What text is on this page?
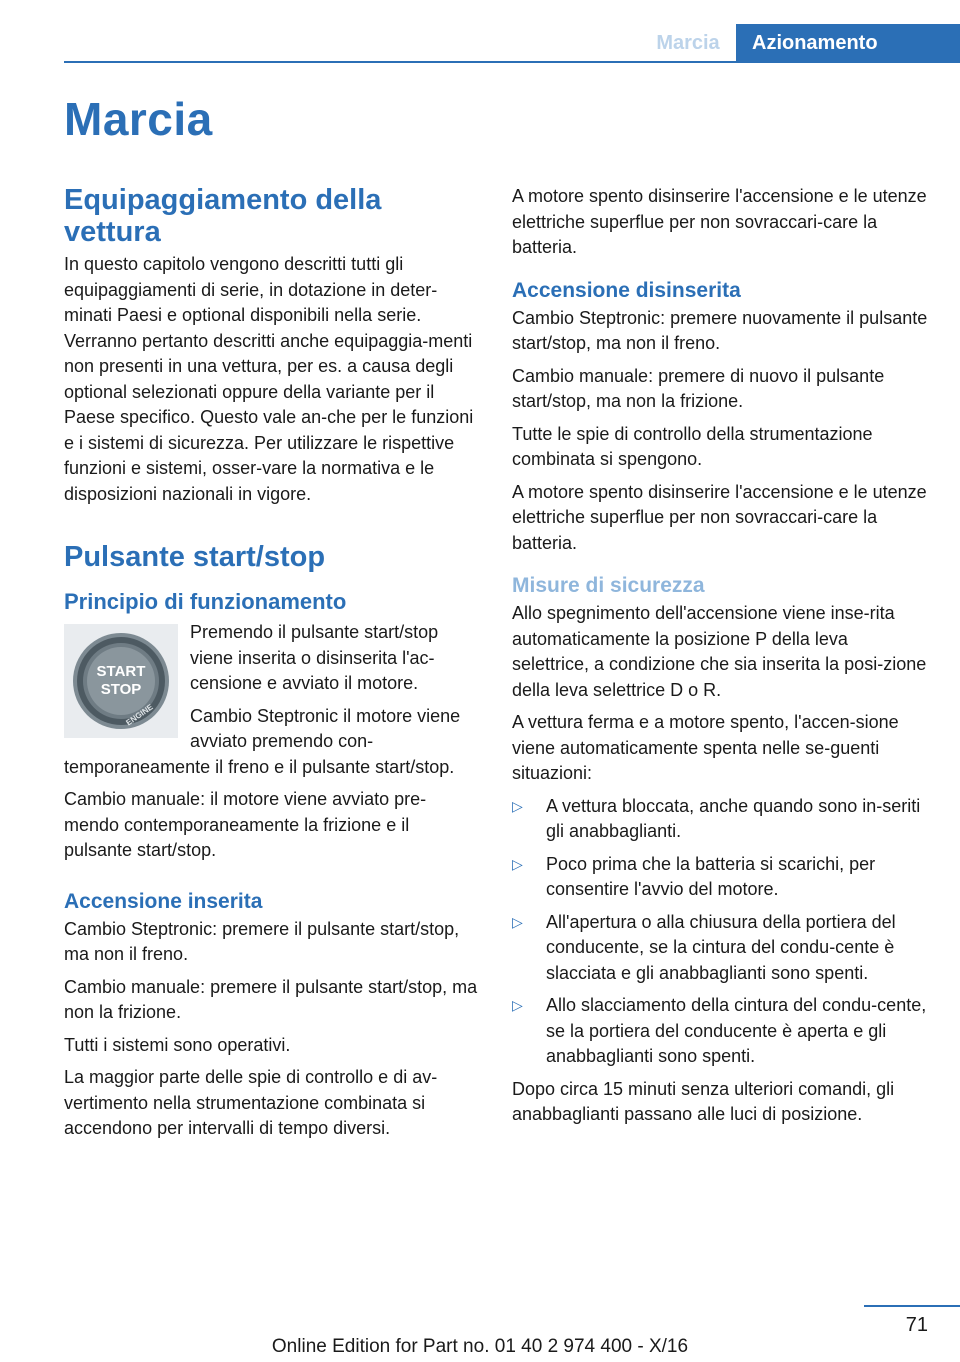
Marcia	Azionamento
Marcia
Equipaggiamento della vettura

In questo capitolo vengono descritti tutti gli equipaggiamenti di serie, in dotazione in deter-minati Paesi e optional disponibili nella serie. Verranno pertanto descritti anche equipaggia-menti non presenti in una vettura, per es. a causa degli optional selezionati oppure della variante per il Paese specifico. Questo vale an-che per le funzioni e i sistemi di sicurezza. Per utilizzare le rispettive funzioni e sistemi, osser-vare la normativa e le disposizioni nazionali in vigore.

Pulsante start/stop
Principio di funzionamento
START
STOP
ENGINE

Premendo il pulsante start/stop viene inserita o disinserita l'ac-censione e avviato il motore.

Cambio Steptronic il motore viene avviato premendo con-temporaneamente il freno e il pulsante start/stop.

Cambio manuale: il motore viene avviato pre-mendo contemporaneamente la frizione e il pulsante start/stop.

Accensione inserita

Cambio Steptronic: premere il pulsante start/stop, ma non il freno.

Cambio manuale: premere il pulsante start/stop, ma non la frizione.

Tutti i sistemi sono operativi.

La maggior parte delle spie di controllo e di av-vertimento nella strumentazione combinata si accendono per intervalli di tempo diversi.

A motore spento disinserire l'accensione e le utenze elettriche superflue per non sovraccari-care la batteria.

Accensione disinserita

Cambio Steptronic: premere nuovamente il pulsante start/stop, ma non il freno.

Cambio manuale: premere di nuovo il pulsante start/stop, ma non la frizione.

Tutte le spie di controllo della strumentazione combinata si spengono.

A motore spento disinserire l'accensione e le utenze elettriche superflue per non sovraccari-care la batteria.

Misure di sicurezza

Allo spegnimento dell'accensione viene inse-rita automaticamente la posizione P della leva selettrice, a condizione che sia inserita la posi-zione della leva selettrice D o R.

A vettura ferma e a motore spento, l'accen-sione viene automaticamente spenta nelle se-guenti situazioni:

▷	A vettura bloccata, anche quando sono in-seriti gli anabbaglianti.
▷	Poco prima che la batteria si scarichi, per consentire l'avvio del motore.
▷	All'apertura o alla chiusura della portiera del conducente, se la cintura del condu-cente è slacciata e gli anabbaglianti sono spenti.
▷	Allo slacciamento della cintura del condu-cente, se la portiera del conducente è aperta e gli anabbaglianti sono spenti.

Dopo circa 15 minuti senza ulteriori comandi, gli anabbaglianti passano alle luci di posizione.

71
Online Edition for Part no. 01 40 2 974 400 - X/16
